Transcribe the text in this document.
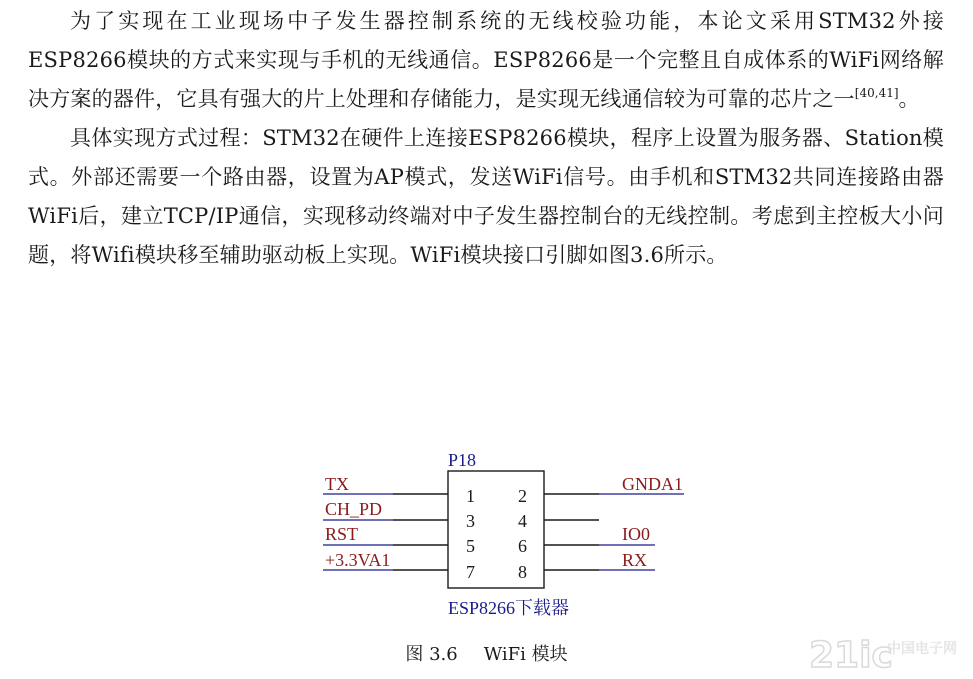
为了实现在工业现场中子发生器控制系统的无线校验功能，本论文采用STM32外接ESP8266模块的方式来实现与手机的无线通信。ESP8266是一个完整且自成体系的WiFi网络解决方案的器件，它具有强大的片上处理和存储能力，是实现无线通信较为可靠的芯片之一[40,41]。

具体实现方式过程：STM32在硬件上连接ESP8266模块，程序上设置为服务器、Station模式。外部还需要一个路由器，设置为AP模式，发送WiFi信号。由手机和STM32共同连接路由器WiFi后，建立TCP/IP通信，实现移动终端对中子发生器控制台的无线控制。考虑到主控板大小问题，将Wifi模块移至辅助驱动板上实现。WiFi模块接口引脚如图3.6所示。

P18
ESP8266下载器
1
3
5
7
2
4
6
8
TX
CH_PD
RST
+3.3VA1
GNDA1
IO0
RX
图 3.6 WiFi 模块	21ic
中国电子网
